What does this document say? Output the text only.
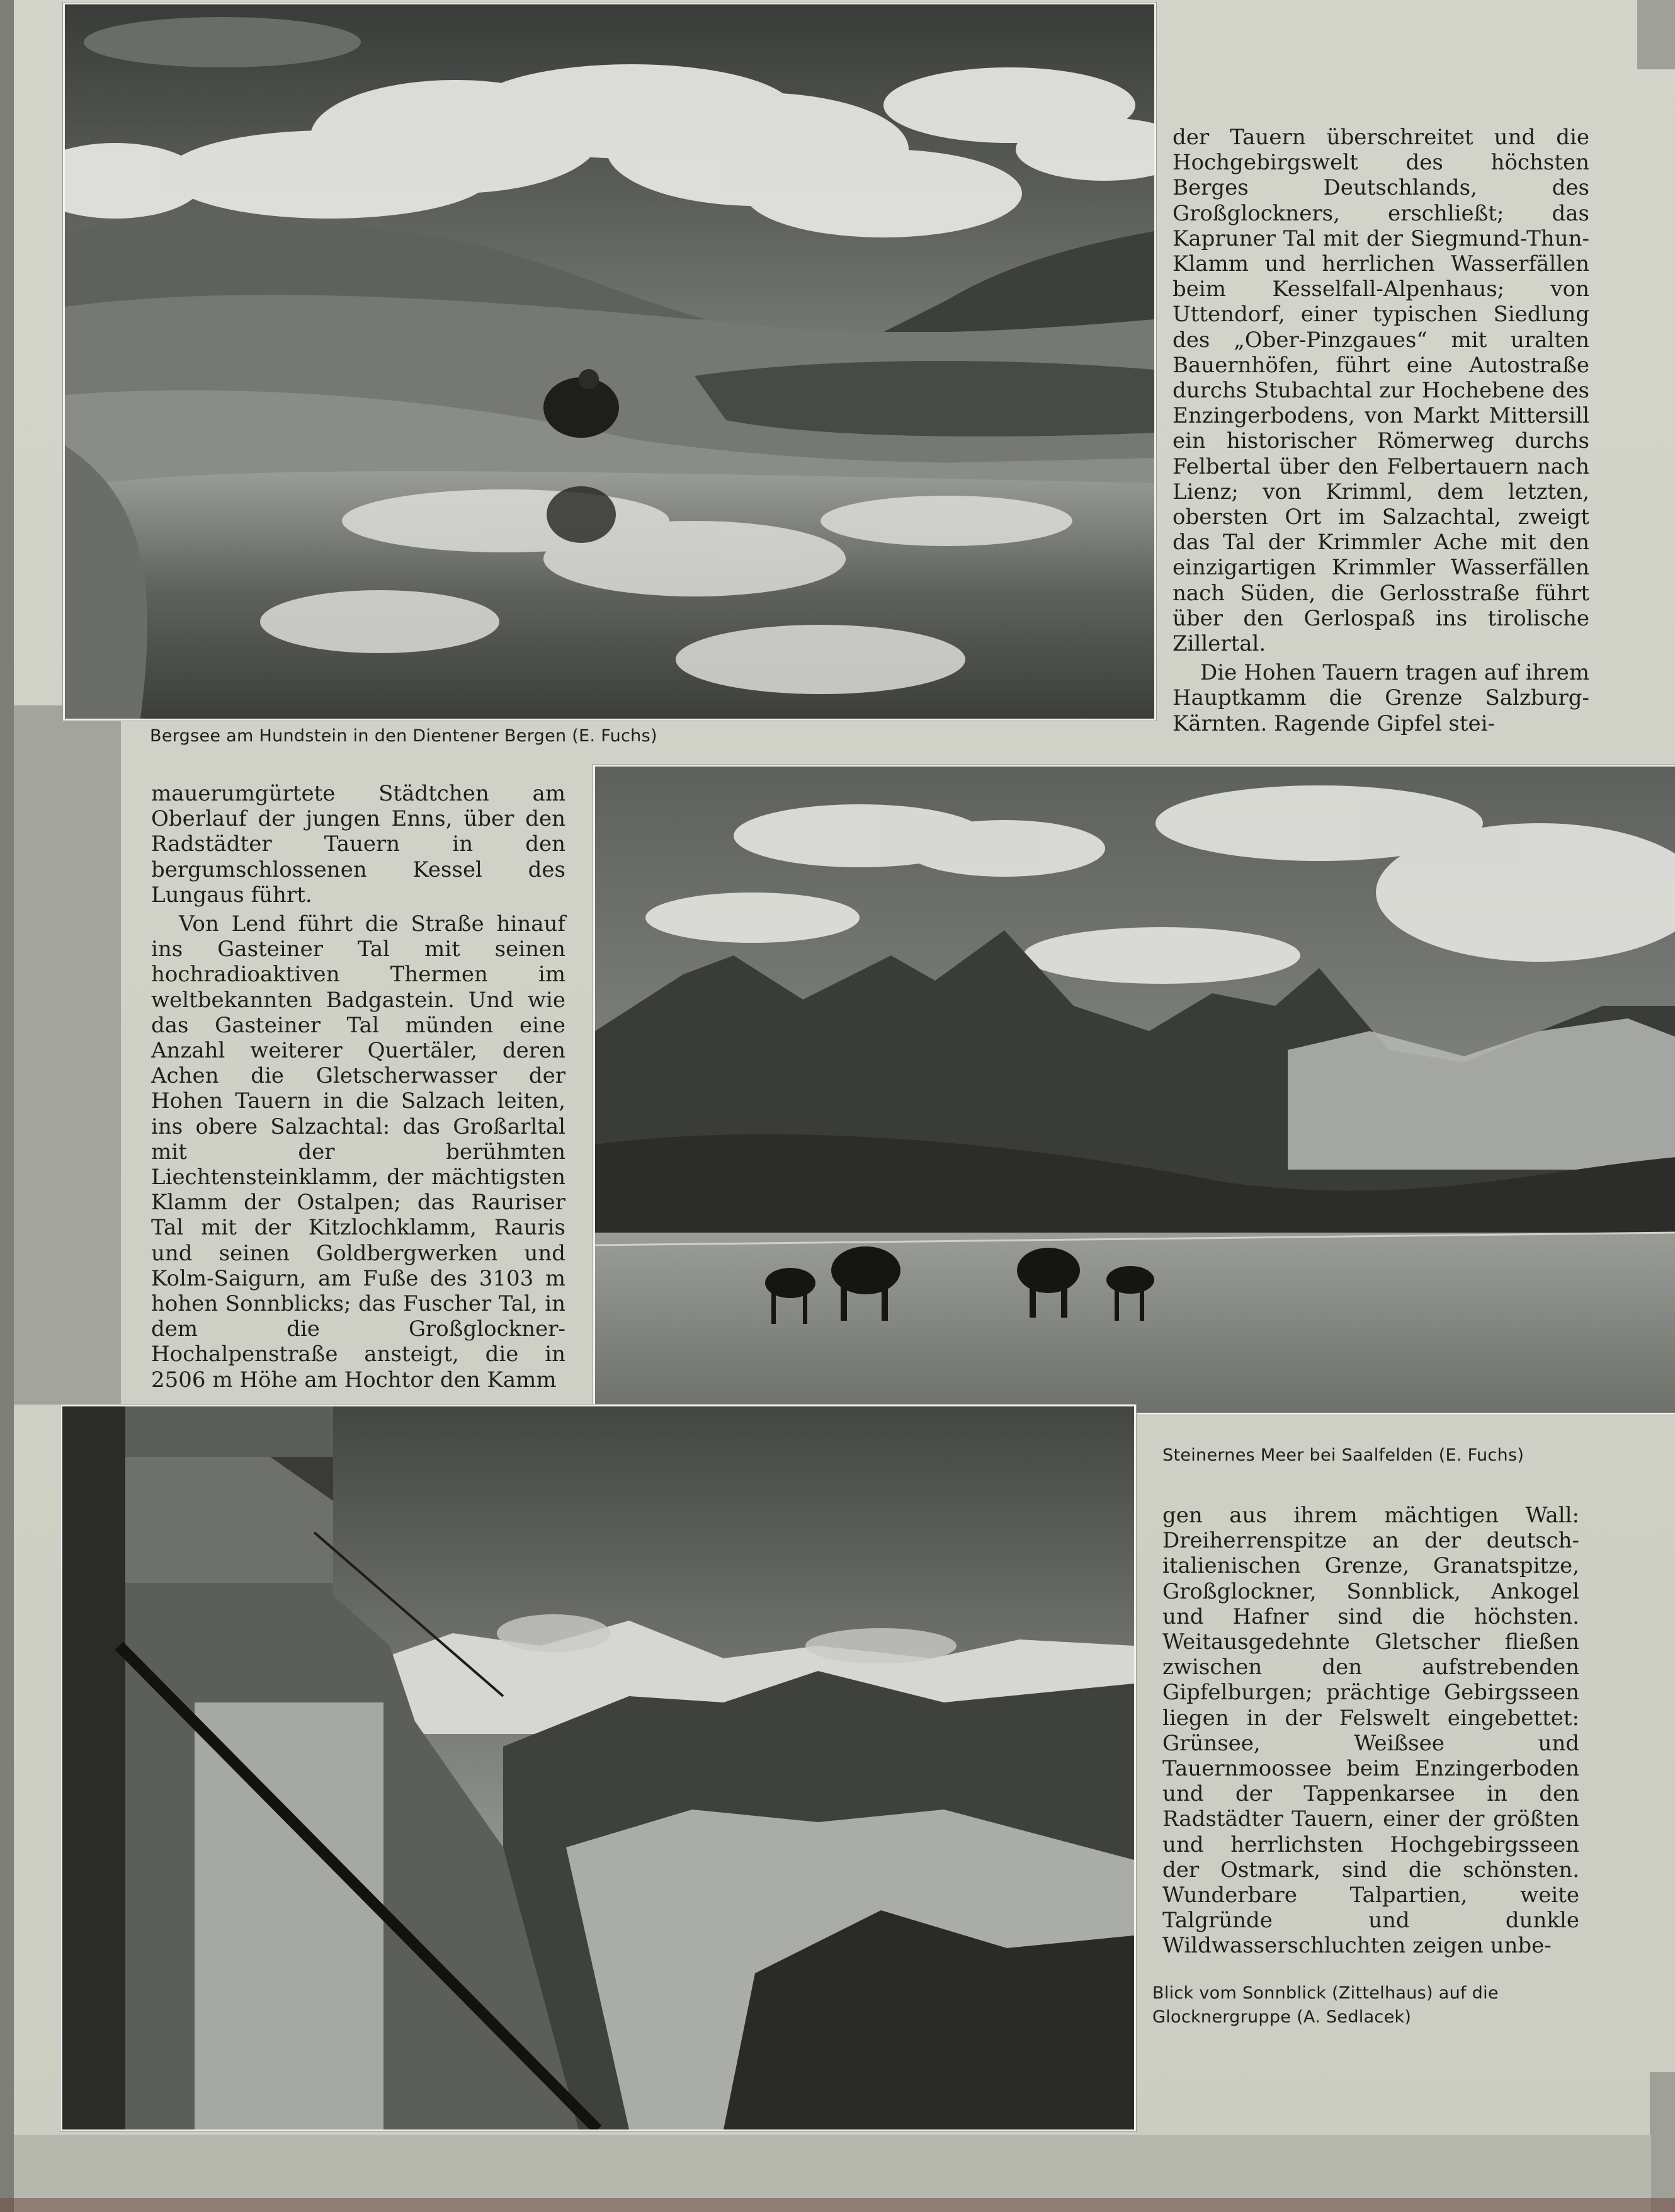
der Tauern überschreitet und die Hochgebirgswelt des höchsten Berges Deutschlands, des Großglockners, erschließt; das Kapruner Tal mit der Siegmund-Thun-Klamm und herrlichen Wasserfällen beim Kesselfall-Alpenhaus; von Uttendorf, einer typischen Siedlung des „Ober-Pinzgaues“ mit uralten Bauernhöfen, führt eine Autostraße durchs Stubachtal zur Hochebene des Enzingerbodens, von Markt Mittersill ein historischer Römerweg durchs Felbertal über den Felbertauern nach Lienz; von Krimml, dem letzten, obersten Ort im Salzachtal, zweigt das Tal der Krimmler Ache mit den einzigartigen Krimmler Wasserfällen nach Süden, die Gerlosstraße führt über den Gerlospaß ins tirolische Zillertal.

Die Hohen Tauern tragen auf ihrem Hauptkamm die Grenze Salzburg-Kärnten. Ragende Gipfel stei-

Bergsee am Hundstein in den Dientener Bergen (E. Fuchs)

mauerumgürtete Städtchen am Oberlauf der jungen Enns, über den Radstädter Tauern in den bergumschlossenen Kessel des Lungaus führt.

Von Lend führt die Straße hinauf ins Gasteiner Tal mit seinen hochradioaktiven Thermen im weltbekannten Badgastein. Und wie das Gasteiner Tal münden eine Anzahl weiterer Quertäler, deren Achen die Gletscherwasser der Hohen Tauern in die Salzach leiten, ins obere Salzachtal: das Großarltal mit der berühmten Liechtensteinklamm, der mächtigsten Klamm der Ostalpen; das Rauriser Tal mit der Kitzlochklamm, Rauris und seinen Goldbergwerken und Kolm-Saigurn, am Fuße des 3103 m hohen Sonnblicks; das Fuscher Tal, in dem die Großglockner-Hochalpenstraße ansteigt, die in 2506 m Höhe am Hochtor den Kamm

Steinernes Meer bei Saalfelden (E. Fuchs)

gen aus ihrem mächtigen Wall: Dreiherrenspitze an der deutsch-italienischen Grenze, Granatspitze, Großglockner, Sonnblick, Ankogel und Hafner sind die höchsten. Weitausgedehnte Gletscher fließen zwischen den aufstrebenden Gipfelburgen; prächtige Gebirgsseen liegen in der Felswelt eingebettet: Grünsee, Weißsee und Tauernmoossee beim Enzingerboden und der Tappenkarsee in den Radstädter Tauern, einer der größten und herrlichsten Hochgebirgsseen der Ostmark, sind die schönsten. Wunderbare Talpartien, weite Talgründe und dunkle Wildwasserschluchten zeigen unbe-

Blick vom Sonnblick (Zittelhaus) auf die Glocknergruppe (A. Sedlacek)
